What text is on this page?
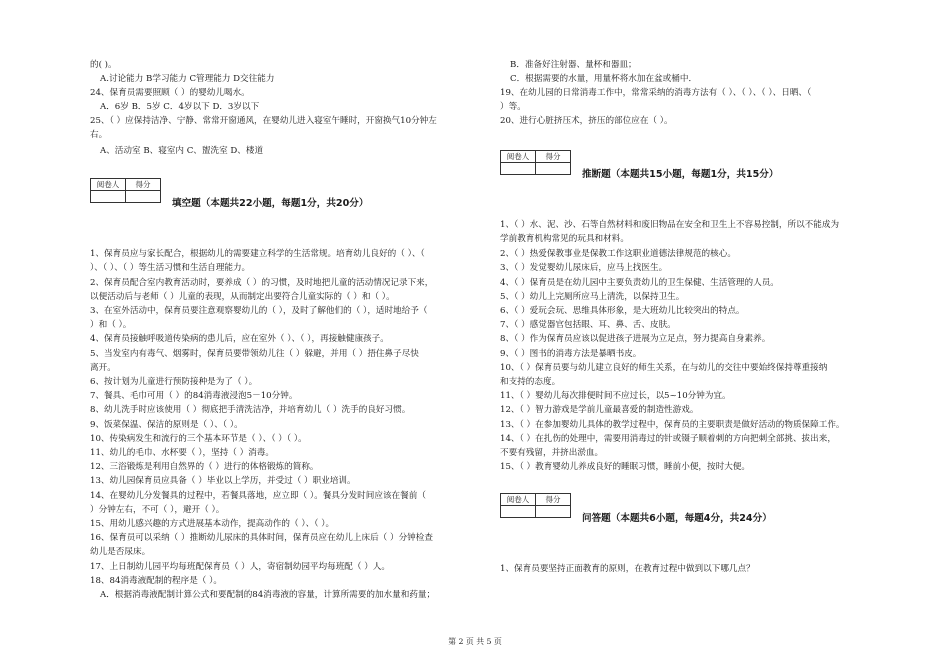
的( )。
A.讨论能力 B学习能力 C管理能力 D交往能力
24、保育员需要照顾（ ）的婴幼儿喝水。
A．6岁 B．5岁 C．4岁以下 D．3岁以下
25、（ ）应保持洁净、宁静、常常开窗通风，在婴幼儿进入寝室午睡时，开窗换气10分钟左
右。
A、活动室 B、寝室内 C、盥洗室 D、楼道
阅卷人	得分

填空题（本题共22小题，每题1分，共20分）
1、保育员应与家长配合，根据幼儿的需要建立科学的生活常规。培育幼儿良好的（ ）、（
）、（ ）、（ ）等生活习惯和生活自理能力。
2、保育员配合室内教育活动时，要养成（ ）的习惯，及时地把儿童的活动情况记录下来，
以便活动后与老师（ ）儿童的表现，从而制定出要符合儿童实际的（ ）和（ ）。
3、在室外活动中，保育员要注意观察婴幼儿的（ ），及时了解他们的（ ），适时地给予（
）和（ ）。
4、保育员接触呼吸道传染病的患儿后，应在室外（ ）、（ ），再接触健康孩子。
5、当发室内有毒气、烟雾时，保育员要带领幼儿往（ ）躲避，并用（ ）捂住鼻子尽快
离开。
6、按计划为儿童进行预防接种是为了（ ）。
7、餐具、毛巾可用（ ）的84消毒液浸泡5－10分钟。
8、幼儿洗手时应该使用（ ）彻底把手清洗洁净，并培育幼儿（ ）洗手的良好习惯。
9、饭菜保温、保洁的原则是（ ）、（ ）。
10、传染病发生和流行的三个基本环节是（ ）、（ ）（ ）。
11、幼儿的毛巾、水杯要（ ），坚持（ ）消毒。
12、三浴锻炼是利用自然界的（ ）进行的体格锻炼的简称。
13、幼儿园保育员应具备（ ）毕业以上学历，并受过（ ）职业培训。
14、在婴幼儿分发餐具的过程中，若餐具落地，应立即（ ）。餐具分发时间应该在餐前（
）分钟左右，不可（ ），避开（ ）。
15、用幼儿感兴趣的方式进展基本动作，提高动作的（ ）、（ ）。
16、保育员可以采纳（ ）推断幼儿尿床的具体时间，保育员应在幼儿上床后（ ）分钟检查
幼儿是否尿床。
17、上日制幼儿园平均每班配保育员（ ）人，寄宿制幼园平均每班配（ ）人。
18、84消毒液配制的程序是（ ）。
A．根据消毒液配制计算公式和要配制的84消毒液的容量，计算所需要的加水量和药量；
B．准备好注射器、量杯和器皿；
C．根据需要的水量，用量杯将水加在盆或桶中．
19、在幼儿园的日常消毒工作中，常常采纳的消毒方法有（ ）、（ ）、（ ）、日晒、（
）等。
20、进行心脏挤压术，挤压的部位应在（ ）。
阅卷人	得分

推断题（本题共15小题，每题1分，共15分）
1、（ ）水、泥、沙、石等自然材料和废旧物品在安全和卫生上不容易控制，所以不能成为
学前教育机构常见的玩具和材料。
2、（ ）热爱保教事业是保教工作这职业道德法律规范的核心。
3、（ ）发觉婴幼儿尿床后，应马上找医生。
4、（ ）保育员是在幼儿园中主要负责幼儿的卫生保健、生活管理的人员。
5、（ ）幼儿上完厕所应马上清洗，以保持卫生。
6、（ ）爱玩会玩、思维具体形象，是大班幼儿比较突出的特点。
7、（ ）感觉器官包括眼、耳、鼻、舌、皮肤。
8、（ ）作为保育员应该以促进孩子进展为立足点，努力提高自身素养。
9、（ ）图书的消毒方法是暴晒书皮。
10、（ ）保育员要与幼儿建立良好的师生关系，在与幼儿的交往中要始终保持尊重接纳
和支持的态度。
11、（ ）婴幼儿每次排便时间不应过长，以5~10分钟为宜。
12、（ ）智力游戏是学前儿童最喜爱的制造性游戏。
13、（ ）在参加婴幼儿具体的教学过程中，保育员的主要职责是做好活动的物质保障工作。
14、（ ）在扎伤的处理中，需要用消毒过的针或镊子顺着刺的方向把刺全部挑、拔出来，
不要有残留，并挤出淤血。
15、（ ）教育婴幼儿养成良好的睡眠习惯，睡前小便，按时大便。
阅卷人	得分

问答题（本题共6小题，每题4分，共24分）
1、保育员要坚持正面教育的原则，在教育过程中做到以下哪几点？
第 2 页 共 5 页
